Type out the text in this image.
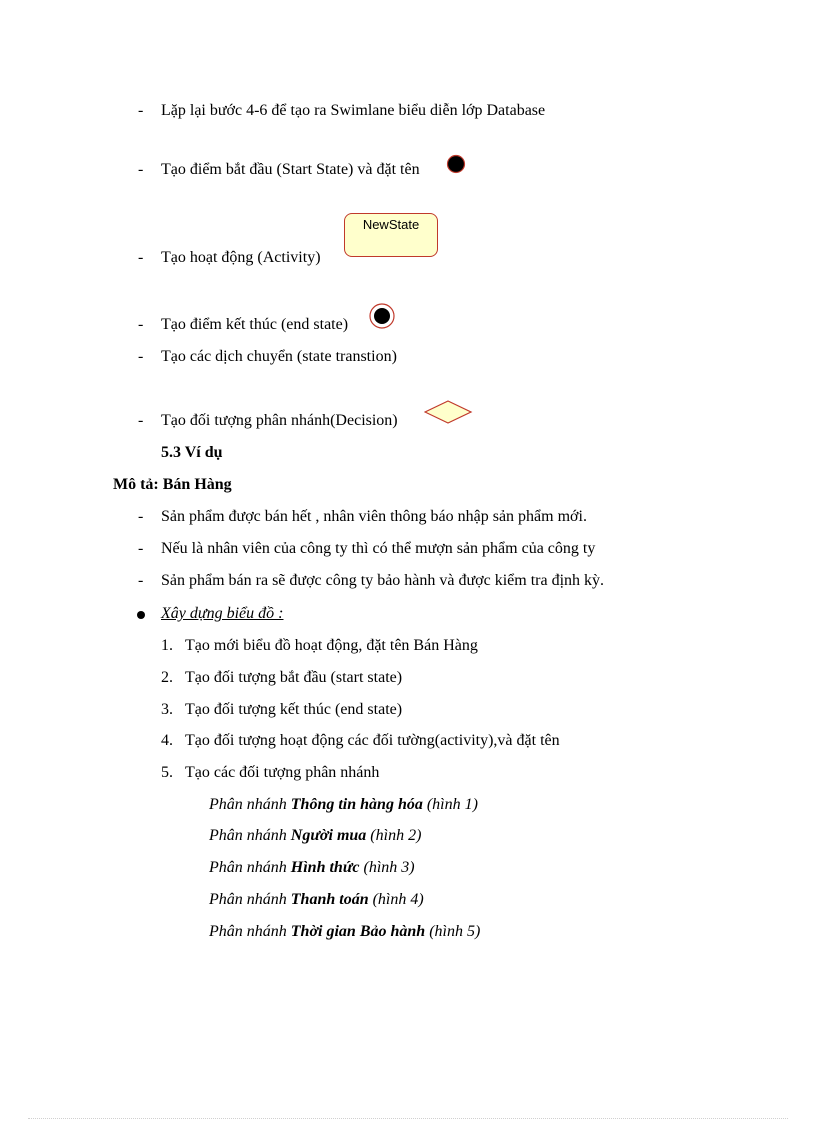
- Lặp lại bước 4-6 để tạo ra Swimlane biểu diễn lớp Database
- Tạo điểm bắt đầu (Start State) và đặt tên
NewState
- Tạo hoạt động (Activity)
- Tạo điểm kết thúc (end state)
- Tạo các dịch chuyển (state transtion)
- Tạo đối tượng phân nhánh(Decision)
5.3 Ví dụ
Mô tả: Bán Hàng
- Sản phẩm được bán hết , nhân viên thông báo nhập sản phẩm mới.
- Nếu là nhân viên của công ty thì có thể mượn sản phẩm của công ty
- Sản phẩm bán ra sẽ được công ty bảo hành và được kiểm tra định kỳ.
Xây dựng biểu đồ :
1. Tạo mới biểu đồ hoạt động, đặt tên Bán Hàng
2. Tạo đối tượng bắt đầu (start state)
3. Tạo đối tượng kết thúc (end state)
4. Tạo đối tượng hoạt động các đối tường(activity),và đặt tên
5. Tạo các đối tượng phân nhánh
Phân nhánh Thông tin hàng hóa (hình 1)
Phân nhánh Người mua (hình 2)
Phân nhánh Hình thức (hình 3)
Phân nhánh Thanh toán (hình 4)
Phân nhánh Thời gian Bảo hành (hình 5)
